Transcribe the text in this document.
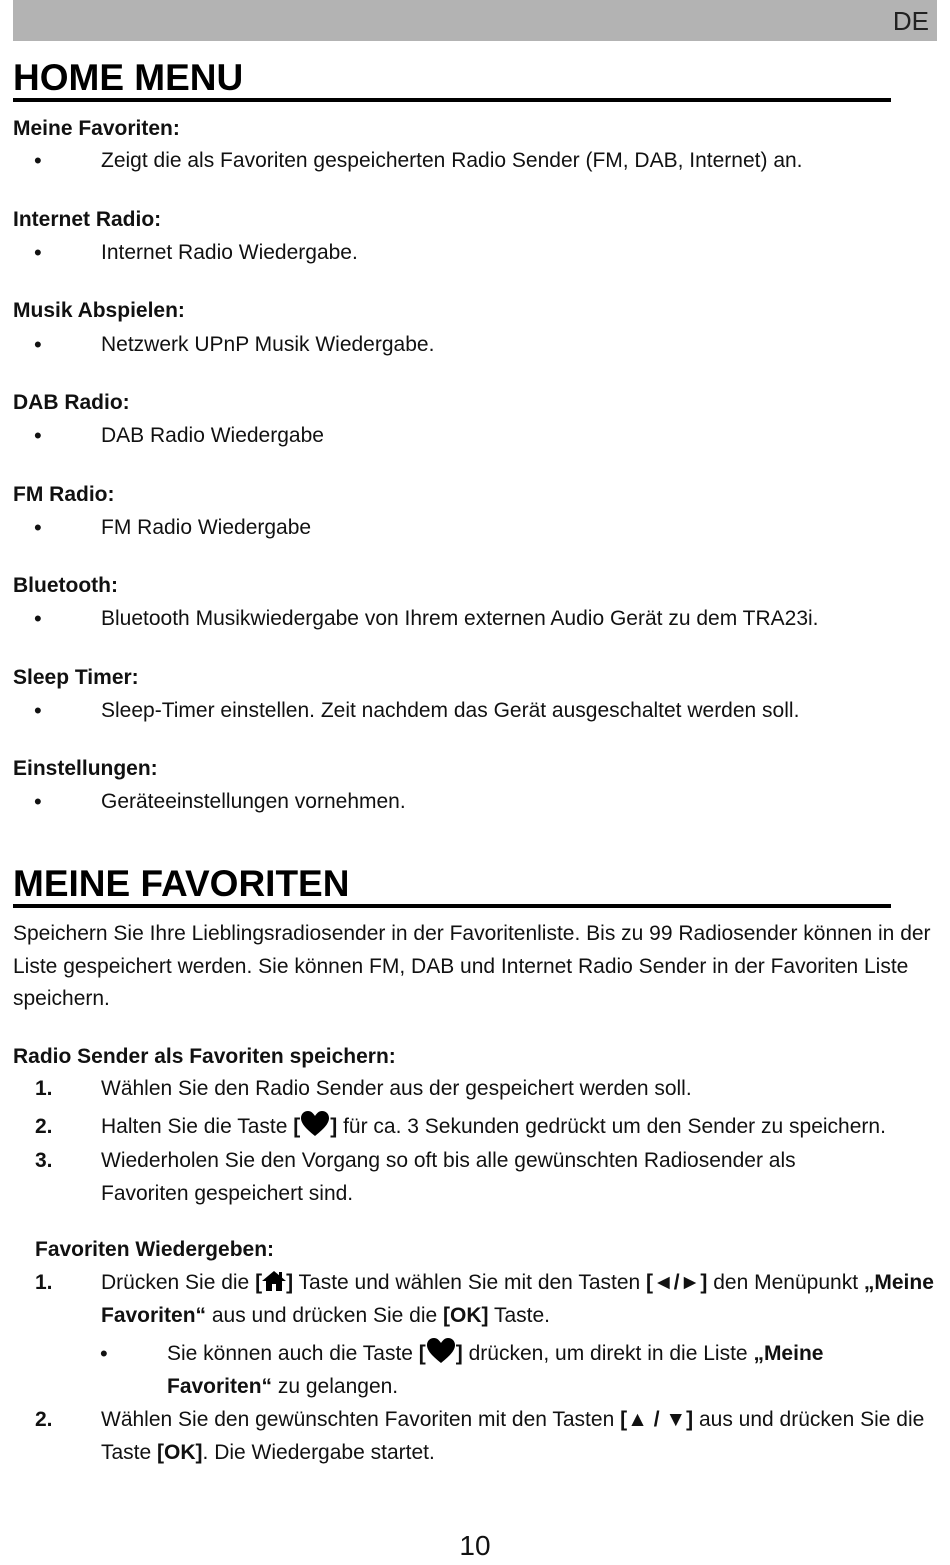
DE
HOME MENU
Meine Favoriten:
•	Zeigt die als Favoriten gespeicherten Radio Sender (FM, DAB, Internet) an.
Internet Radio:
•	Internet Radio Wiedergabe.
Musik Abspielen:
•	Netzwerk UPnP Musik Wiedergabe.
DAB Radio:
•	DAB Radio Wiedergabe
FM Radio:
•	FM Radio Wiedergabe
Bluetooth:
•	Bluetooth Musikwiedergabe von Ihrem externen Audio Gerät zu dem TRA23i.
Sleep Timer:
•	Sleep-Timer einstellen. Zeit nachdem das Gerät ausgeschaltet werden soll.
Einstellungen:
•	Geräteeinstellungen vornehmen.
MEINE FAVORITEN
Speichern Sie Ihre Lieblingsradiosender in der Favoritenliste. Bis zu 99 Radiosender können in der Liste gespeichert werden. Sie können FM, DAB und Internet Radio Sender in der Favoriten Liste speichern.
Radio Sender als Favoriten speichern:
1. Wählen Sie den Radio Sender aus der gespeichert werden soll.
2. Halten Sie die Taste [ ] für ca. 3 Sekunden gedrückt um den Sender zu speichern.
3. Wiederholen Sie den Vorgang so oft bis alle gewünschten Radiosender als Favoriten gespeichert sind.
Favoriten Wiedergeben:
1. Drücken Sie die [ ] Taste und wählen Sie mit den Tasten [◄/►] den Menüpunkt „Meine Favoriten“ aus und drücken Sie die [OK] Taste.
•	Sie können auch die Taste [ ] drücken, um direkt in die Liste „Meine Favoriten“ zu gelangen.
2. Wählen Sie den gewünschten Favoriten mit den Tasten [▲ / ▼] aus und drücken Sie die Taste [OK]. Die Wiedergabe startet.
10
